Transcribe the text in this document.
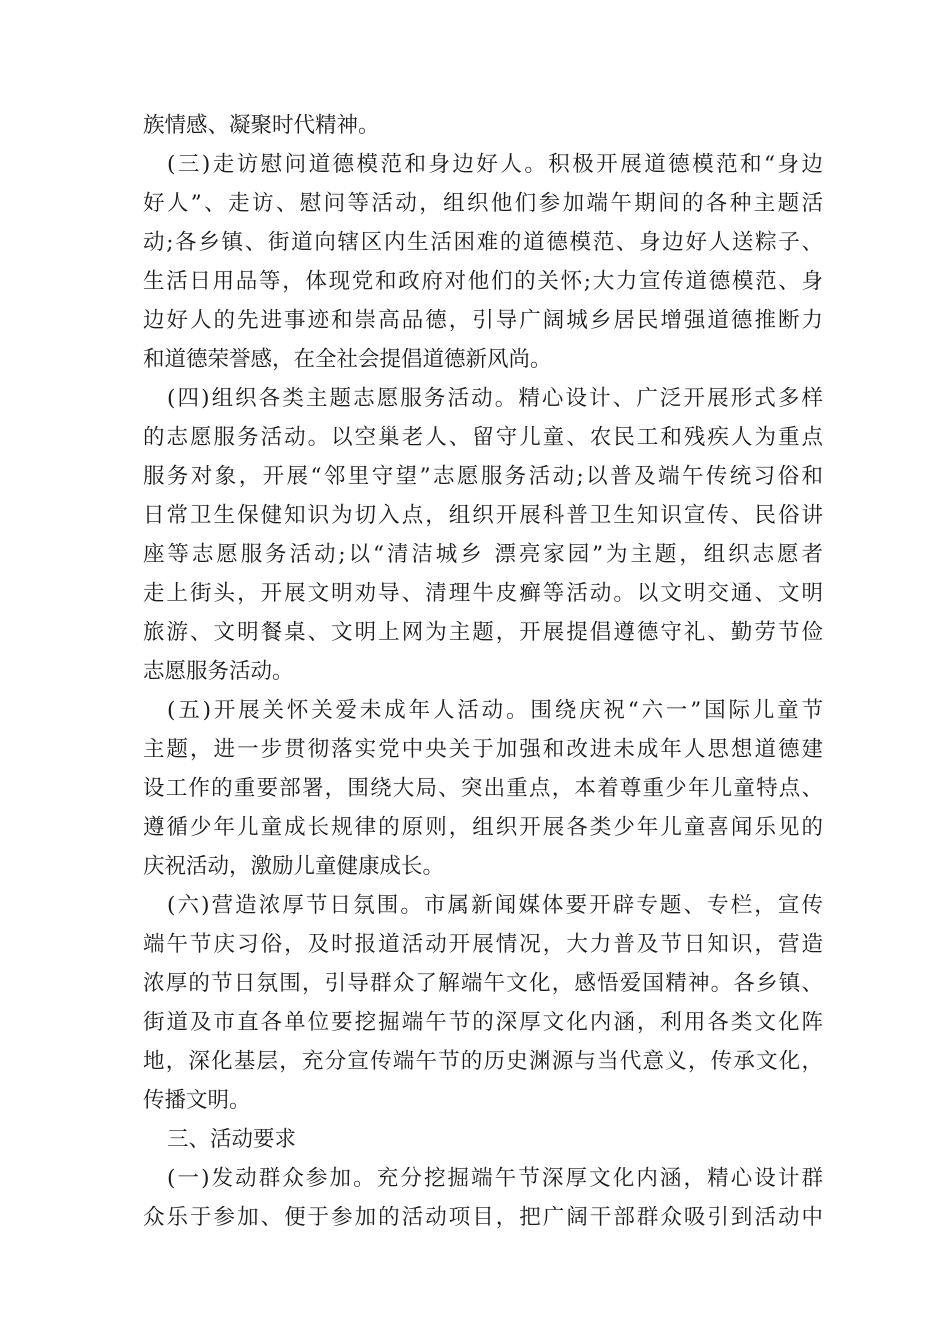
族情感、凝聚时代精神。
(三)走访慰问道德模范和身边好人。积极开展道德模范和“身边
好人”、走访、慰问等活动，组织他们参加端午期间的各种主题活
动;各乡镇、街道向辖区内生活困难的道德模范、身边好人送粽子、
生活日用品等，体现党和政府对他们的关怀;大力宣传道德模范、身
边好人的先进事迹和崇高品德，引导广阔城乡居民增强道德推断力
和道德荣誉感，在全社会提倡道德新风尚。
(四)组织各类主题志愿服务活动。精心设计、广泛开展形式多样
的志愿服务活动。以空巢老人、留守儿童、农民工和残疾人为重点
服务对象，开展“邻里守望”志愿服务活动;以普及端午传统习俗和
日常卫生保健知识为切入点，组织开展科普卫生知识宣传、民俗讲
座等志愿服务活动;以“清洁城乡 漂亮家园”为主题，组织志愿者
走上街头，开展文明劝导、清理牛皮癣等活动。以文明交通、文明
旅游、文明餐桌、文明上网为主题，开展提倡遵德守礼、勤劳节俭
志愿服务活动。
(五)开展关怀关爱未成年人活动。围绕庆祝“六一”国际儿童节
主题，进一步贯彻落实党中央关于加强和改进未成年人思想道德建
设工作的重要部署，围绕大局、突出重点，本着尊重少年儿童特点、
遵循少年儿童成长规律的原则，组织开展各类少年儿童喜闻乐见的
庆祝活动，激励儿童健康成长。
(六)营造浓厚节日氛围。市属新闻媒体要开辟专题、专栏，宣传
端午节庆习俗，及时报道活动开展情况，大力普及节日知识，营造
浓厚的节日氛围，引导群众了解端午文化，感悟爱国精神。各乡镇、
街道及市直各单位要挖掘端午节的深厚文化内涵，利用各类文化阵
地，深化基层，充分宣传端午节的历史渊源与当代意义，传承文化，
传播文明。
三、活动要求
(一)发动群众参加。充分挖掘端午节深厚文化内涵，精心设计群
众乐于参加、便于参加的活动项目，把广阔干部群众吸引到活动中
